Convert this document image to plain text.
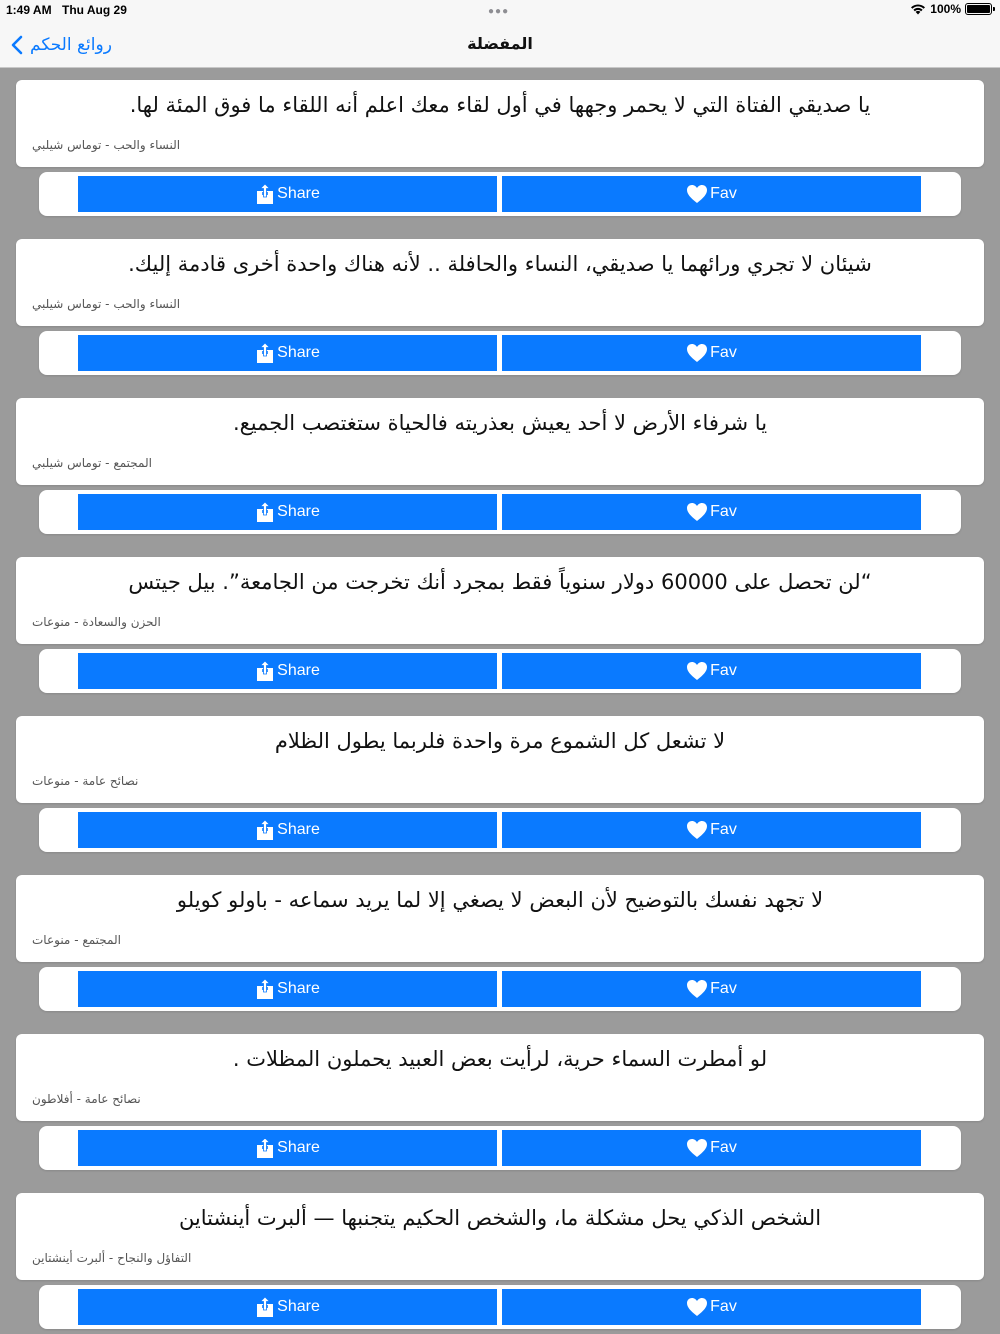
1:49 AM Thu Aug 29	●●●	100%
روائع الحكم	المفضلة
يا صديقي الفتاة التي لا يحمر وجهها في أول لقاء معك اعلم أنه اللقاء ما فوق المئة لها.
النساء والحب - توماس شيلبي
Share	Fav
شيئان لا تجري ورائهما يا صديقي، النساء والحافلة .. لأنه هناك واحدة أخرى قادمة إليك.
النساء والحب - توماس شيلبي
Share	Fav
يا شرفاء الأرض لا أحد يعيش بعذريته فالحياة ستغتصب الجميع.
المجتمع - توماس شيلبي
Share	Fav
“لن تحصل على 60000 دولار سنوياً فقط بمجرد أنك تخرجت من الجامعة”. بيل جيتس
الحزن والسعادة - منوعات
Share	Fav
لا تشعل كل الشموع مرة واحدة فلربما يطول الظلام
نصائح عامة - منوعات
Share	Fav
لا تجهد نفسك بالتوضيح لأن البعض لا يصغي إلا لما يريد سماعه - باولو كويلو
المجتمع - منوعات
Share	Fav
لو أمطرت السماء حرية، لرأيت بعض العبيد يحملون المظلات .
نصائح عامة - أفلاطون
Share	Fav
الشخص الذكي يحل مشكلة ما، والشخص الحكيم يتجنبها — ألبرت أينشتاين
التفاؤل والنجاح - ألبرت أينشتاين
Share	Fav
